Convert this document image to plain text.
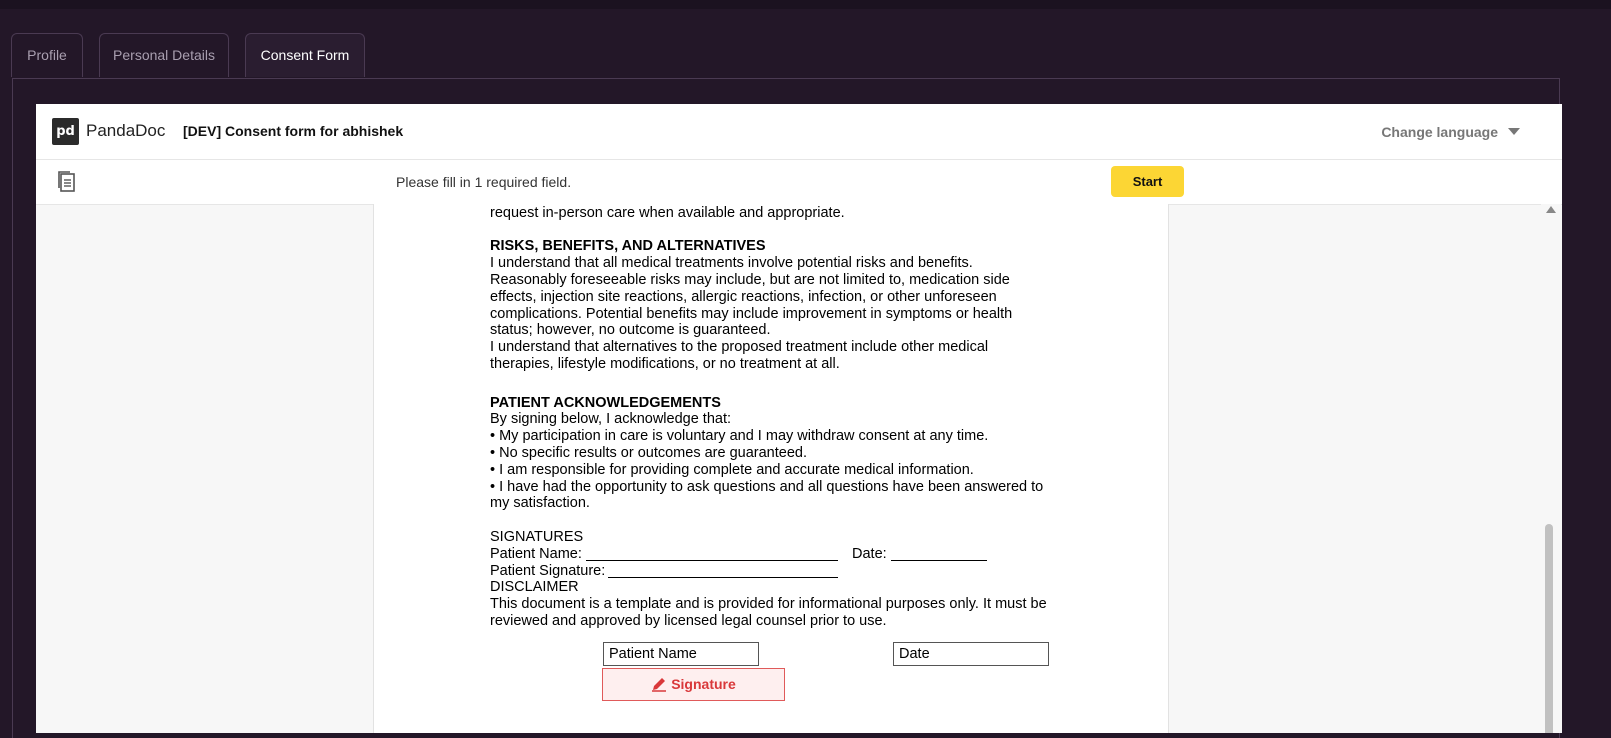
Profile	Personal Details	Consent Form
pd PandaDoc [DEV] Consent form for abhishek	Change language
Please fill in 1 required field.	Start

request in-person care when available and appropriate.

RISKS, BENEFITS, AND ALTERNATIVES

I understand that all medical treatments involve potential risks and benefits.

Reasonably foreseeable risks may include, but are not limited to, medication side

effects, injection site reactions, allergic reactions, infection, or other unforeseen

complications. Potential benefits may include improvement in symptoms or health

status; however, no outcome is guaranteed.

I understand that alternatives to the proposed treatment include other medical

therapies, lifestyle modifications, or no treatment at all.

PATIENT ACKNOWLEDGEMENTS

By signing below, I acknowledge that:

• My participation in care is voluntary and I may withdraw consent at any time.

• No specific results or outcomes are guaranteed.

• I am responsible for providing complete and accurate medical information.

• I have had the opportunity to ask questions and all questions have been answered to

my satisfaction.

SIGNATURES

Patient Name:	Date:
Patient Signature:

DISCLAIMER

This document is a template and is provided for informational purposes only. It must be

reviewed and approved by licensed legal counsel prior to use.

Patient Name	Date
Signature
